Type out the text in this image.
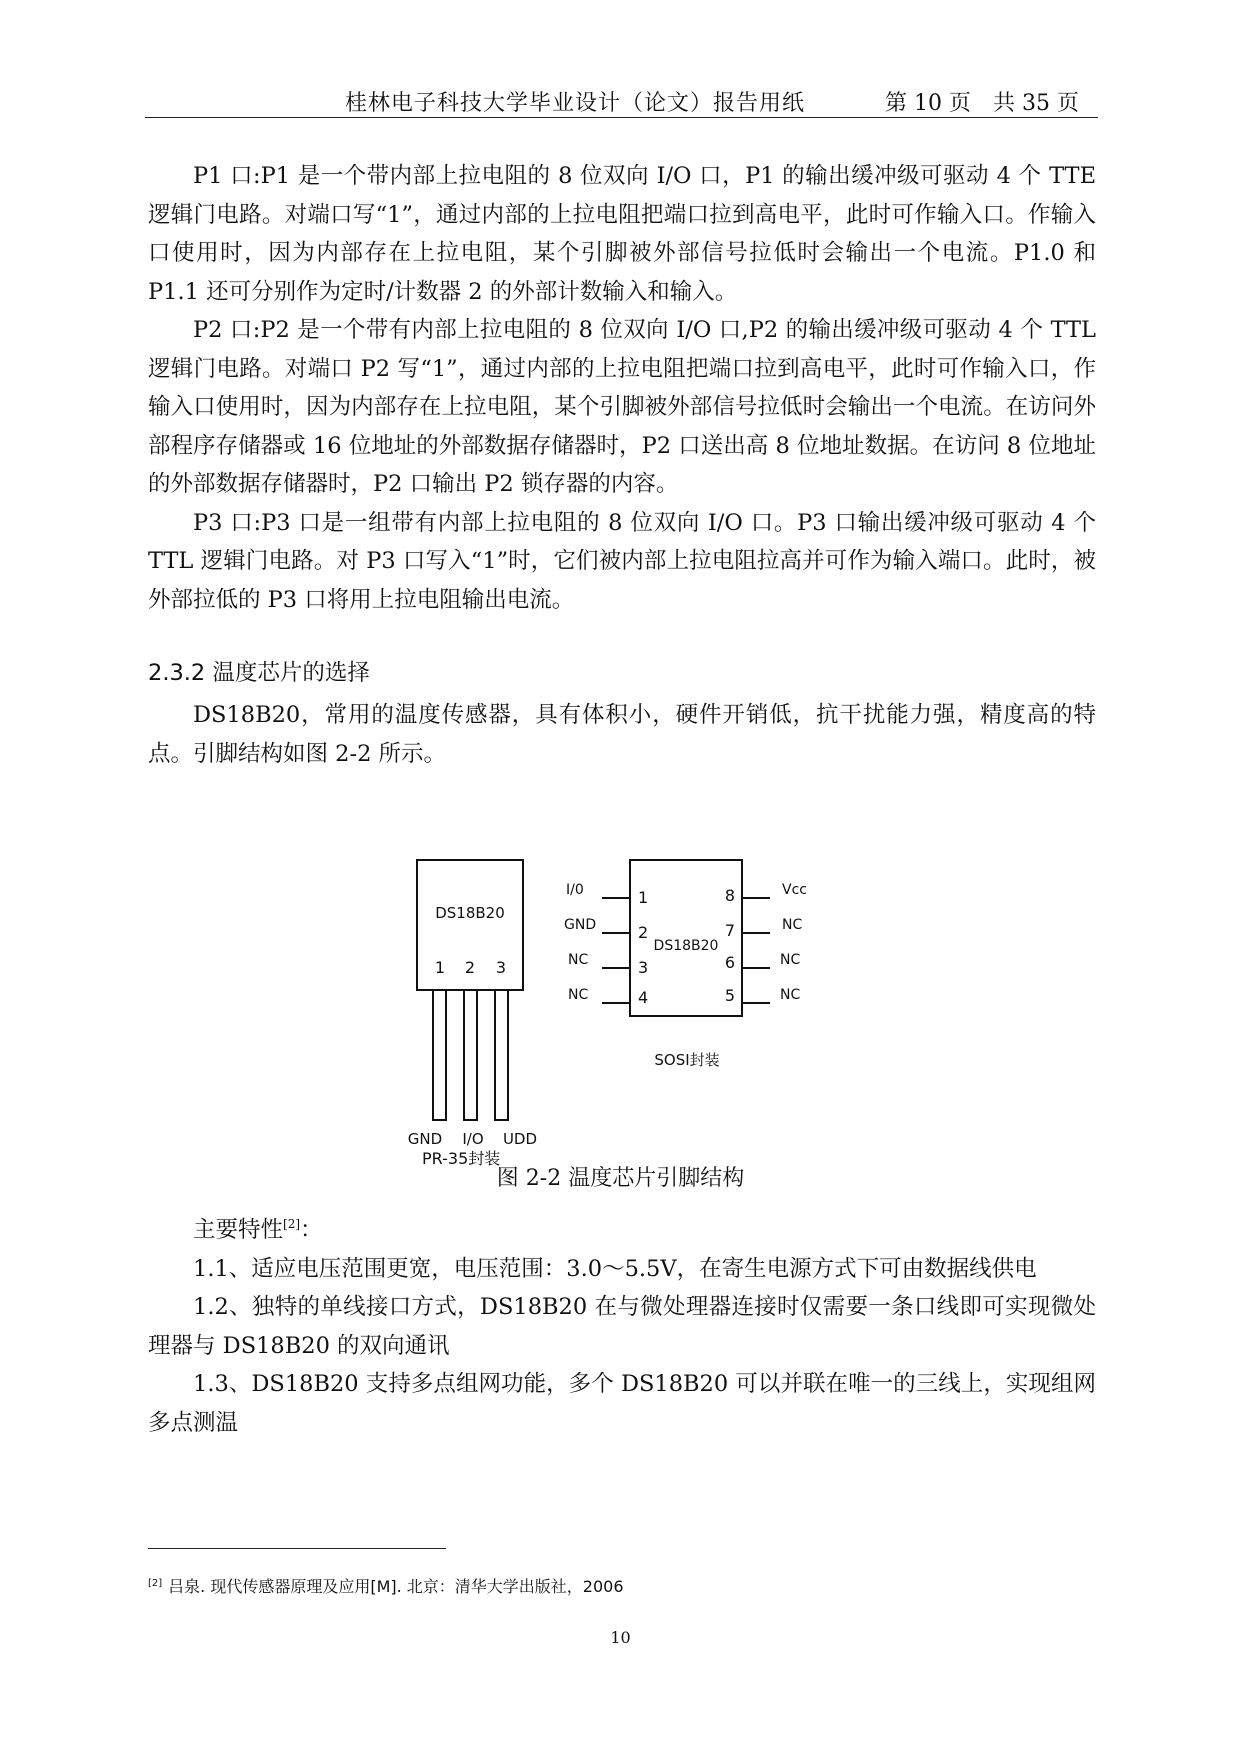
桂林电子科技大学毕业设计（论文）报告用纸	第 10 页　共 35 页

P1 口:P1 是一个带内部上拉电阻的 8 位双向 I/O 口，P1 的输出缓冲级可驱动 4 个 TTE 逻辑门电路。对端口写“1”，通过内部的上拉电阻把端口拉到高电平，此时可作输入口。作输入口使用时，因为内部存在上拉电阻，某个引脚被外部信号拉低时会输出一个电流。P1.0 和 P1.1 还可分别作为定时/计数器 2 的外部计数输入和输入。

P2 口:P2 是一个带有内部上拉电阻的 8 位双向 I/O 口,P2 的输出缓冲级可驱动 4 个 TTL 逻辑门电路。对端口 P2 写“1”，通过内部的上拉电阻把端口拉到高电平，此时可作输入口，作输入口使用时，因为内部存在上拉电阻，某个引脚被外部信号拉低时会输出一个电流。在访问外部程序存储器或 16 位地址的外部数据存储器时，P2 口送出高 8 位地址数据。在访问 8 位地址的外部数据存储器时，P2 口输出 P2 锁存器的内容。

P3 口:P3 口是一组带有内部上拉电阻的 8 位双向 I/O 口。P3 口输出缓冲级可驱动 4 个 TTL 逻辑门电路。对 P3 口写入“1”时，它们被内部上拉电阻拉高并可作为输入端口。此时，被外部拉低的 P3 口将用上拉电阻输出电流。

2.3.2 温度芯片的选择

DS18B20，常用的温度传感器，具有体积小，硬件开销低，抗干扰能力强，精度高的特点。引脚结构如图 2-2 所示。

DS18B20
1 2 3
GND I/O UDD
DS18B20
I/0
GND
NC
NC
1
2
3
4
8
7
6
5
Vcc
NC
NC
NC
SOSI封装
PR-35封装
图 2-2 温度芯片引脚结构

主要特性[2]：

1.1、适应电压范围更宽，电压范围：3.0～5.5V，在寄生电源方式下可由数据线供电

1.2、独特的单线接口方式，DS18B20 在与微处理器连接时仅需要一条口线即可实现微处理器与 DS18B20 的双向通讯

1.3、DS18B20 支持多点组网功能，多个 DS18B20 可以并联在唯一的三线上，实现组网多点测温

[2] 吕泉. 现代传感器原理及应用[M]. 北京：清华大学出版社，2006
10
